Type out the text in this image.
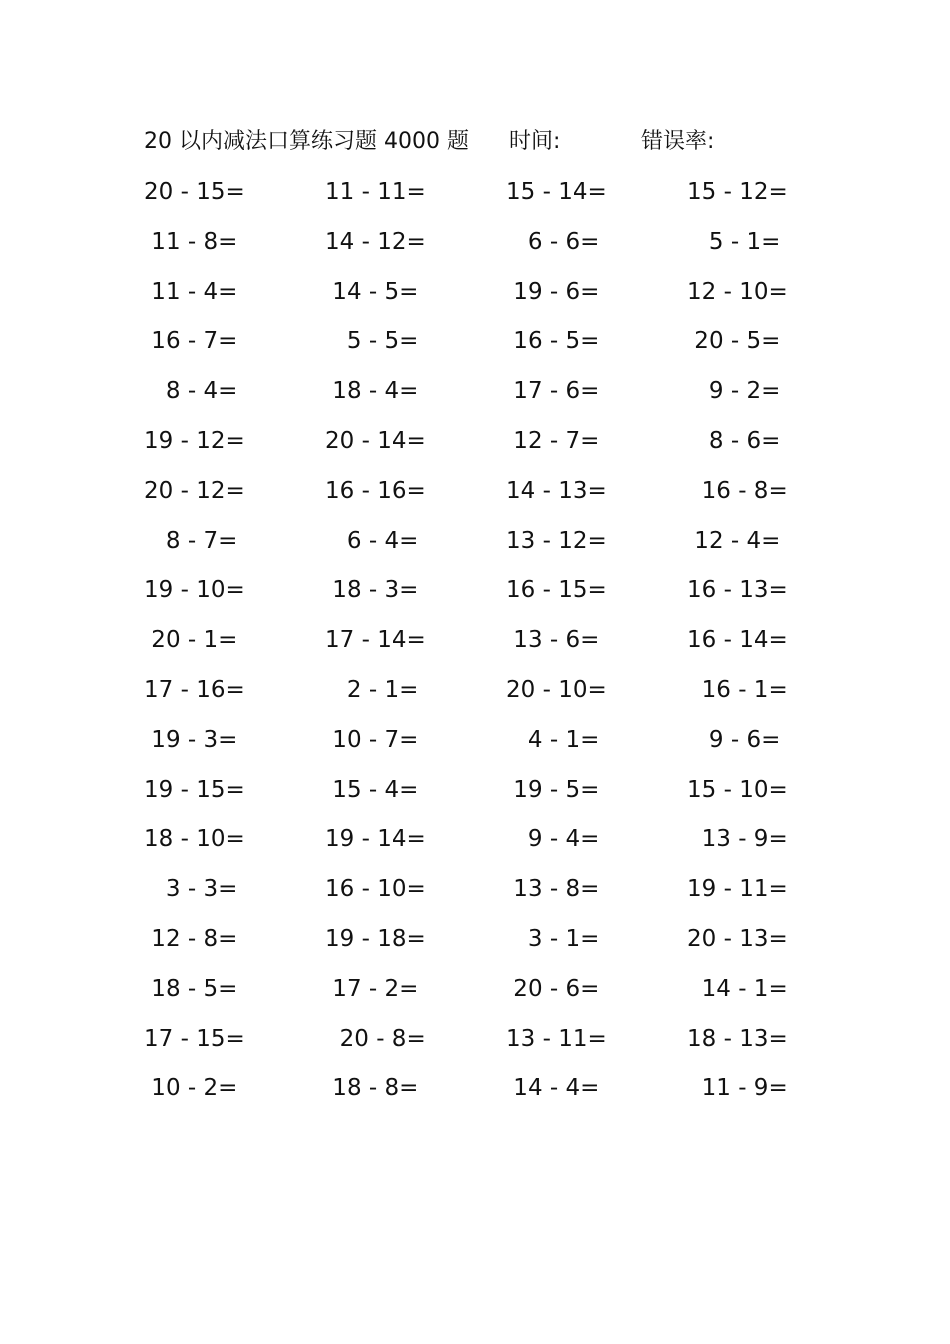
20 以内减法口算练习题 4000 题 时间:	错误率:
20 - 15=	11 - 11=	15 - 14=	15 - 12=
11 - 8=	14 - 12=	6 - 6=	5 - 1=
11 - 4=	14 - 5=	19 - 6=	12 - 10=
16 - 7=	5 - 5=	16 - 5=	20 - 5=
8 - 4=	18 - 4=	17 - 6=	9 - 2=
19 - 12=	20 - 14=	12 - 7=	8 - 6=
20 - 12=	16 - 16=	14 - 13=	16 - 8=
8 - 7=	6 - 4=	13 - 12=	12 - 4=
19 - 10=	18 - 3=	16 - 15=	16 - 13=
20 - 1=	17 - 14=	13 - 6=	16 - 14=
17 - 16=	2 - 1=	20 - 10=	16 - 1=
19 - 3=	10 - 7=	4 - 1=	9 - 6=
19 - 15=	15 - 4=	19 - 5=	15 - 10=
18 - 10=	19 - 14=	9 - 4=	13 - 9=
3 - 3=	16 - 10=	13 - 8=	19 - 11=
12 - 8=	19 - 18=	3 - 1=	20 - 13=
18 - 5=	17 - 2=	20 - 6=	14 - 1=
17 - 15=	20 - 8=	13 - 11=	18 - 13=
10 - 2=	18 - 8=	14 - 4=	11 - 9=
